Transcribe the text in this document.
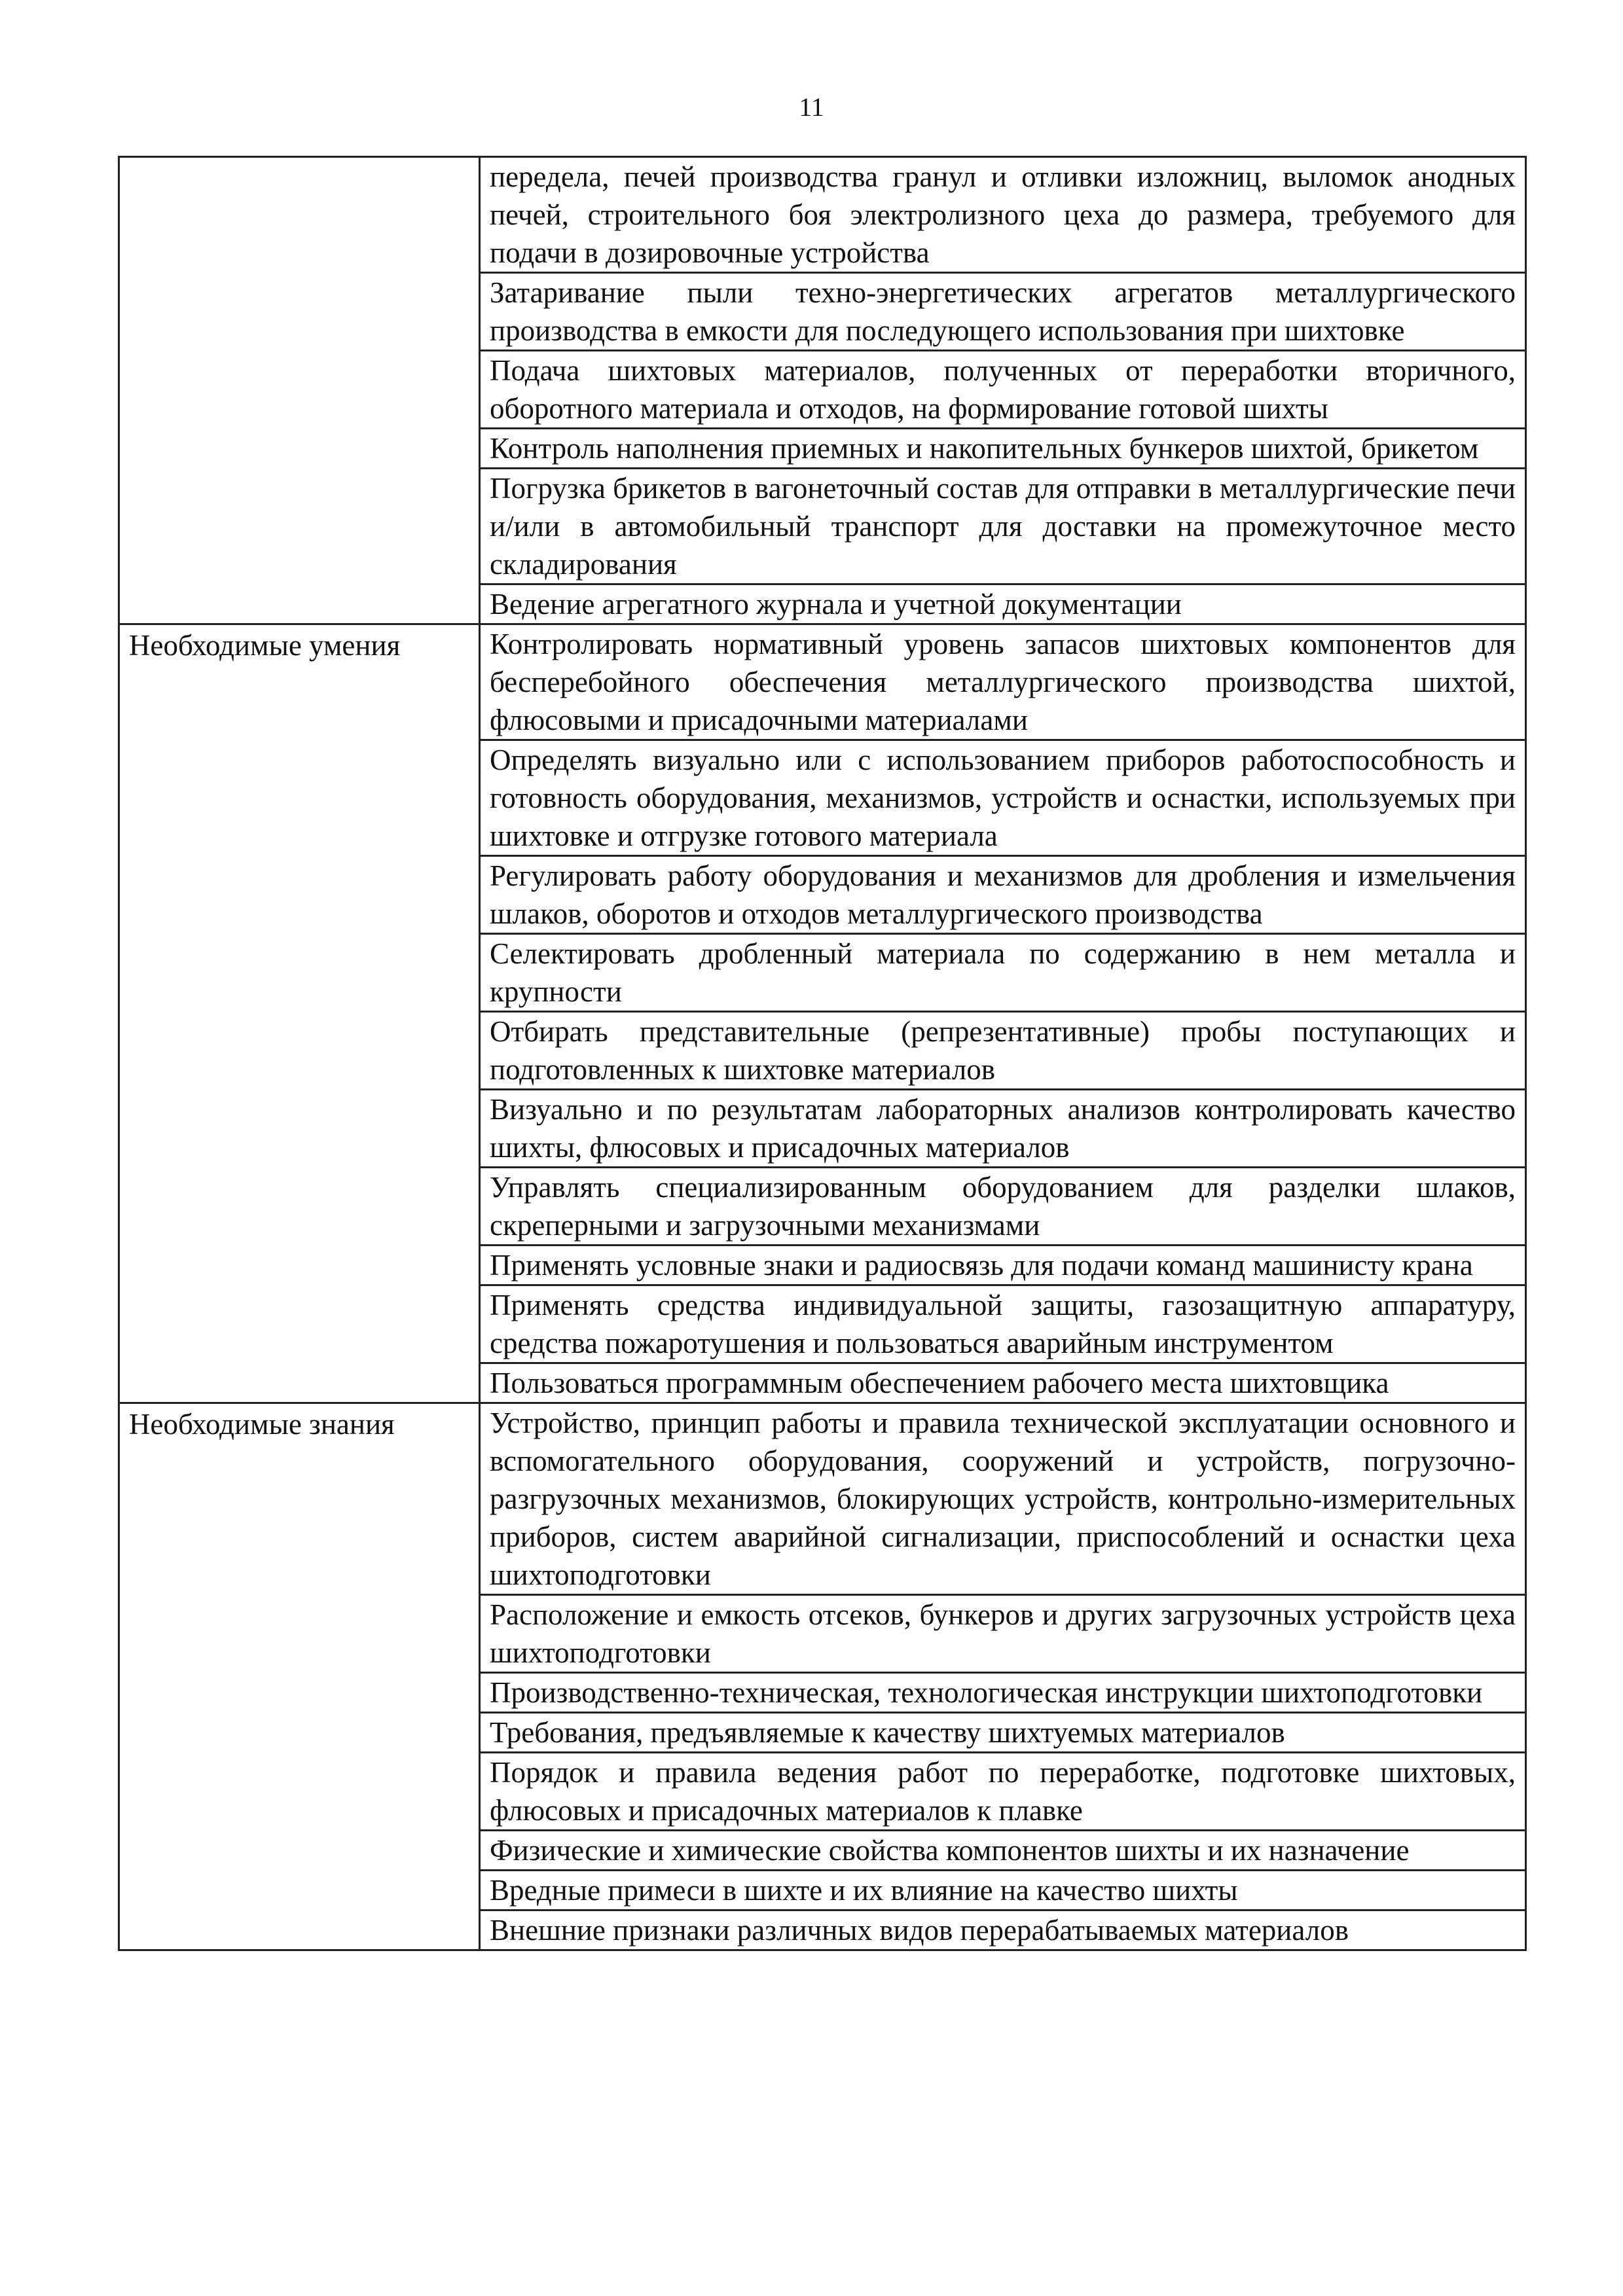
11
	передела, печей производства гранул и отливки изложниц, выломок анодных печей, строительного боя электролизного цеха до размера, требуемого для подачи в дозировочные устройства
	Затаривание пыли техно-энергетических агрегатов металлургического производства в емкости для последующего использования при шихтовке
	Подача шихтовых материалов, полученных от переработки вторичного, оборотного материала и отходов, на формирование готовой шихты
	Контроль наполнения приемных и накопительных бункеров шихтой, брикетом
	Погрузка брикетов в вагонеточный состав для отправки в металлургические печи и/или в автомобильный транспорт для доставки на промежуточное место складирования
	Ведение агрегатного журнала и учетной документации
Необходимые умения	Контролировать нормативный уровень запасов шихтовых компонентов для бесперебойного обеспечения металлургического производства шихтой, флюсовыми и присадочными материалами
	Определять визуально или с использованием приборов работоспособность и готовность оборудования, механизмов, устройств и оснастки, используемых при шихтовке и отгрузке готового материала
	Регулировать работу оборудования и механизмов для дробления и измельчения шлаков, оборотов и отходов металлургического производства
	Селектировать дробленный материала по содержанию в нем металла и крупности
	Отбирать представительные (репрезентативные) пробы поступающих и подготовленных к шихтовке материалов
	Визуально и по результатам лабораторных анализов контролировать качество шихты, флюсовых и присадочных материалов
	Управлять специализированным оборудованием для разделки шлаков, скреперными и загрузочными механизмами
	Применять условные знаки и радиосвязь для подачи команд машинисту крана
	Применять средства индивидуальной защиты, газозащитную аппаратуру, средства пожаротушения и пользоваться аварийным инструментом
	Пользоваться программным обеспечением рабочего места шихтовщика
Необходимые знания	Устройство, принцип работы и правила технической эксплуатации основного и вспомогательного оборудования, сооружений и устройств, погрузочно-разгрузочных механизмов, блокирующих устройств, контрольно-измерительных приборов, систем аварийной сигнализации, приспособлений и оснастки цеха шихтоподготовки
	Расположение и емкость отсеков, бункеров и других загрузочных устройств цеха шихтоподготовки
	Производственно-техническая, технологическая инструкции шихтоподготовки
	Требования, предъявляемые к качеству шихтуемых материалов
	Порядок и правила ведения работ по переработке, подготовке шихтовых, флюсовых и присадочных материалов к плавке
	Физические и химические свойства компонентов шихты и их назначение
	Вредные примеси в шихте и их влияние на качество шихты
	Внешние признаки различных видов перерабатываемых материалов
